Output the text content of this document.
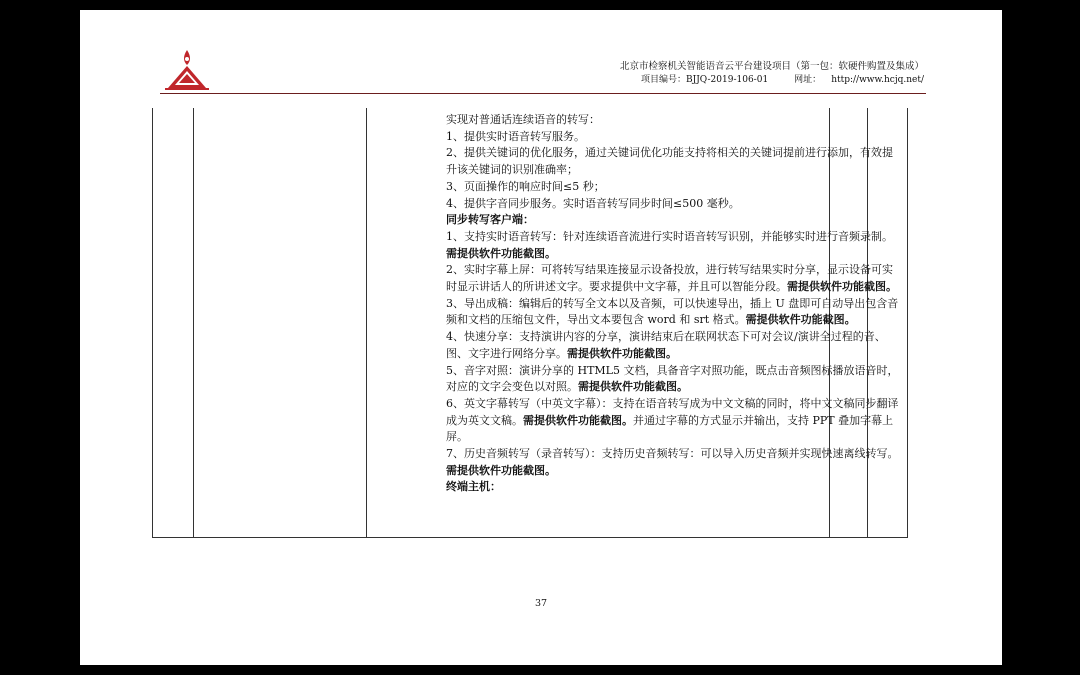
北京市检察机关智能语音云平台建设项目（第一包：软硬件购置及集成）
项目编号：BJJQ-2019-106-01	网址： http://www.hcjq.net/

实现对普通话连续语音的转写：

1、提供实时语音转写服务。

2、提供关键词的优化服务，通过关键词优化功能支持将相关的关键词提前进行添加，有效提升该关键词的识别准确率；

3、页面操作的响应时间≤5 秒；

4、提供字音同步服务。实时语音转写同步时间≤500 毫秒。

同步转写客户端：

1、支持实时语音转写：针对连续语音流进行实时语音转写识别，并能够实时进行音频录制。需提供软件功能截图。

2、实时字幕上屏：可将转写结果连接显示设备投放，进行转写结果实时分享，显示设备可实时显示讲话人的所讲述文字。要求提供中文字幕，并且可以智能分段。需提供软件功能截图。

3、导出成稿：编辑后的转写全文本以及音频，可以快速导出，插上 U 盘即可自动导出包含音频和文档的压缩包文件，导出文本要包含 word 和 srt 格式。需提供软件功能截图。

4、快速分享：支持演讲内容的分享，演讲结束后在联网状态下可对会议/演讲全过程的音、图、文字进行网络分享。需提供软件功能截图。

5、音字对照：演讲分享的 HTML5 文档，具备音字对照功能，既点击音频图标播放语音时，对应的文字会变色以对照。需提供软件功能截图。

6、英文字幕转写（中英文字幕）：支持在语音转写成为中文文稿的同时，将中文文稿同步翻译成为英文文稿。需提供软件功能截图。并通过字幕的方式显示并输出，支持 PPT 叠加字幕上屏。

7、历史音频转写（录音转写）：支持历史音频转写：可以导入历史音频并实现快速离线转写。需提供软件功能截图。

终端主机：

37
